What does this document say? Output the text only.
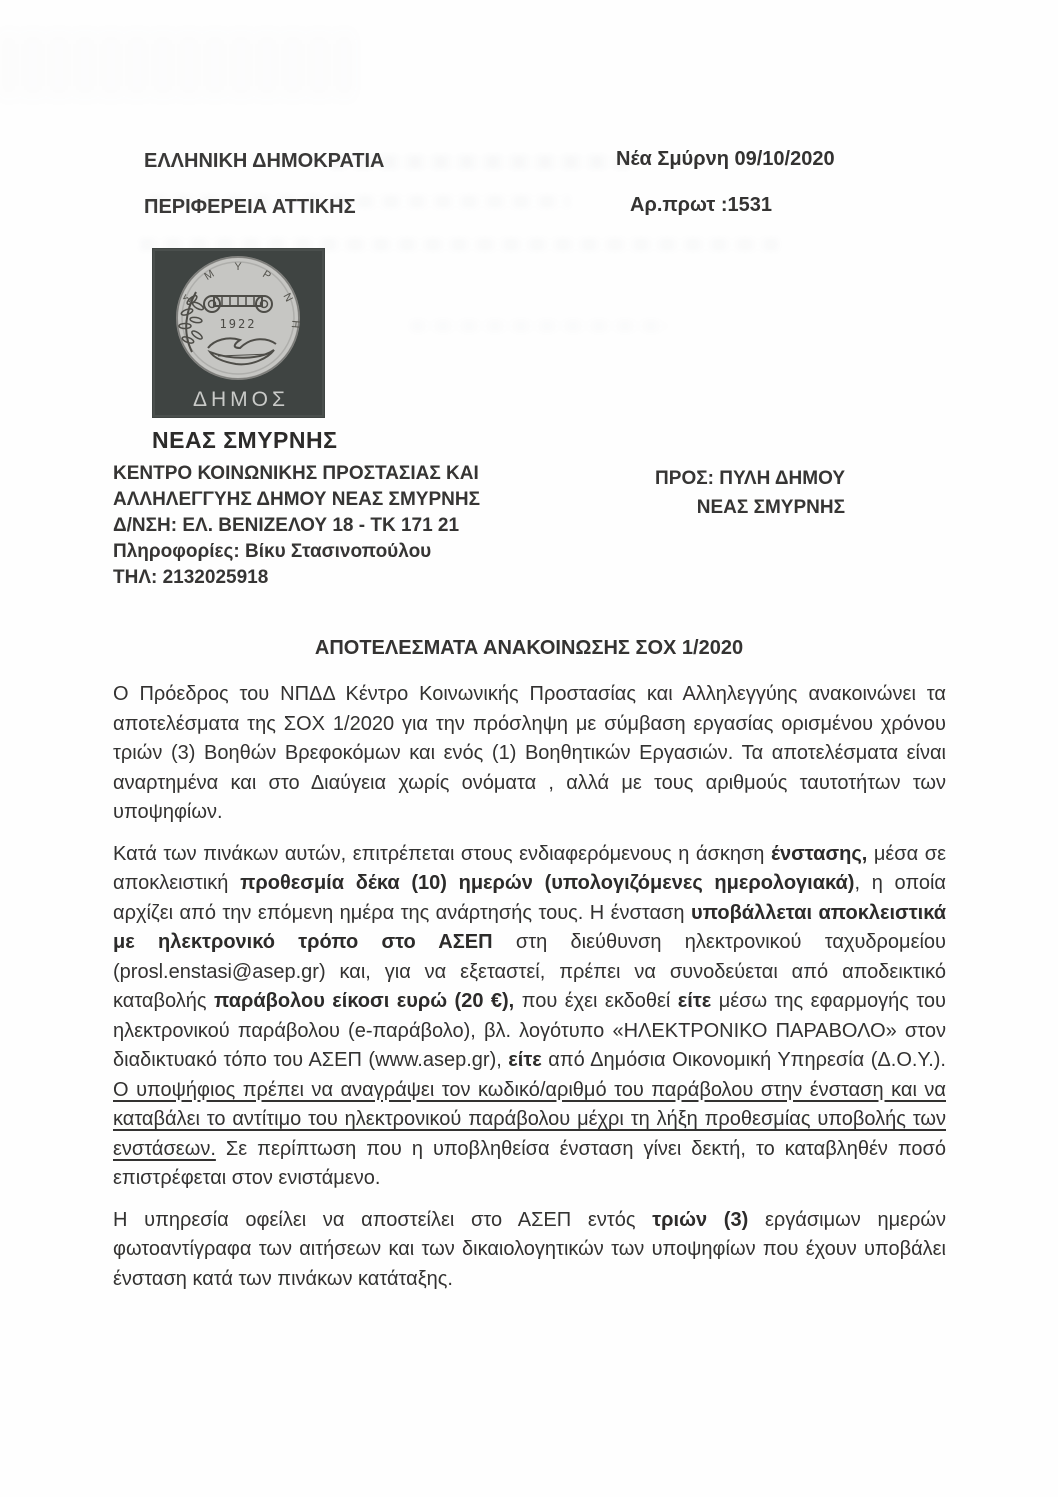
ΕΛΛΗΝΙΚΗ ΔΗΜΟΚΡΑΤΙΑ
ΠΕΡΙΦΕΡΕΙΑ ΑΤΤΙΚΗΣ
Νέα Σμύρνη 09/10/2020
Αρ.πρωτ :1531
Σ
Μ
Υ
Ρ
Ν
Η
1922
ΔΗΜΟΣ
ΝΕΑΣ ΣΜΥΡΝΗΣ
ΚΕΝΤΡΟ ΚΟΙΝΩΝΙΚΗΣ ΠΡΟΣΤΑΣΙΑΣ ΚΑΙ
ΑΛΛΗΛΕΓΓΥΗΣ ΔΗΜΟΥ ΝΕΑΣ ΣΜΥΡΝΗΣ
Δ/ΝΣΗ: ΕΛ. ΒΕΝΙΖΕΛΟΥ 18 - ΤΚ 171 21
Πληροφορίες: Βίκυ Στασινοπούλου
ΤΗΛ: 2132025918
ΠΡΟΣ: ΠΥΛΗ ΔΗΜΟΥ
ΝΕΑΣ ΣΜΥΡΝΗΣ
ΑΠΟΤΕΛΕΣΜΑΤΑ ΑΝΑΚΟΙΝΩΣΗΣ ΣΟΧ 1/2020

Ο Πρόεδρος του ΝΠΔΔ Κέντρο Κοινωνικής Προστασίας και Αλληλεγγύης ανακοινώνει τα αποτελέσματα της ΣΟΧ 1/2020 για την πρόσληψη με σύμβαση εργασίας ορισμένου χρόνου τριών (3) Βοηθών Βρεφοκόμων και ενός (1) Βοηθητικών Εργασιών. Τα αποτελέσματα είναι αναρτημένα και στο Διαύγεια χωρίς ονόματα , αλλά με τους αριθμούς ταυτοτήτων των υποψηφίων.

Κατά των πινάκων αυτών, επιτρέπεται στους ενδιαφερόμενους η άσκηση ένστασης, μέσα σε αποκλειστική προθεσμία δέκα (10) ημερών (υπολογιζόμενες ημερολογιακά), η οποία αρχίζει από την επόμενη ημέρα της ανάρτησής τους. Η ένσταση υποβάλλεται αποκλειστικά με ηλεκτρονικό τρόπο στο ΑΣΕΠ στη διεύθυνση ηλεκτρονικού ταχυδρομείου (prosl.enstasi@asep.gr) και, για να εξεταστεί, πρέπει να συνοδεύεται από αποδεικτικό καταβολής παράβολου είκοσι ευρώ (20 €), που έχει εκδοθεί είτε μέσω της εφαρμογής του ηλεκτρονικού παράβολου (e-παράβολο), βλ. λογότυπο «ΗΛΕΚΤΡΟΝΙΚΟ ΠΑΡΑΒΟΛΟ» στον διαδικτυακό τόπο του ΑΣΕΠ (www.asep.gr), είτε από Δημόσια Οικονομική Υπηρεσία (Δ.Ο.Υ.). Ο υποψήφιος πρέπει να αναγράψει τον κωδικό/αριθμό του παράβολου στην ένσταση και να καταβάλει το αντίτιμο του ηλεκτρονικού παράβολου μέχρι τη λήξη προθεσμίας υποβολής των ενστάσεων. Σε περίπτωση που η υποβληθείσα ένσταση γίνει δεκτή, το καταβληθέν ποσό επιστρέφεται στον ενιστάμενο.

Η υπηρεσία οφείλει να αποστείλει στο ΑΣΕΠ εντός τριών (3) εργάσιμων ημερών φωτοαντίγραφα των αιτήσεων και των δικαιολογητικών των υποψηφίων που έχουν υποβάλει ένσταση κατά των πινάκων κατάταξης.
